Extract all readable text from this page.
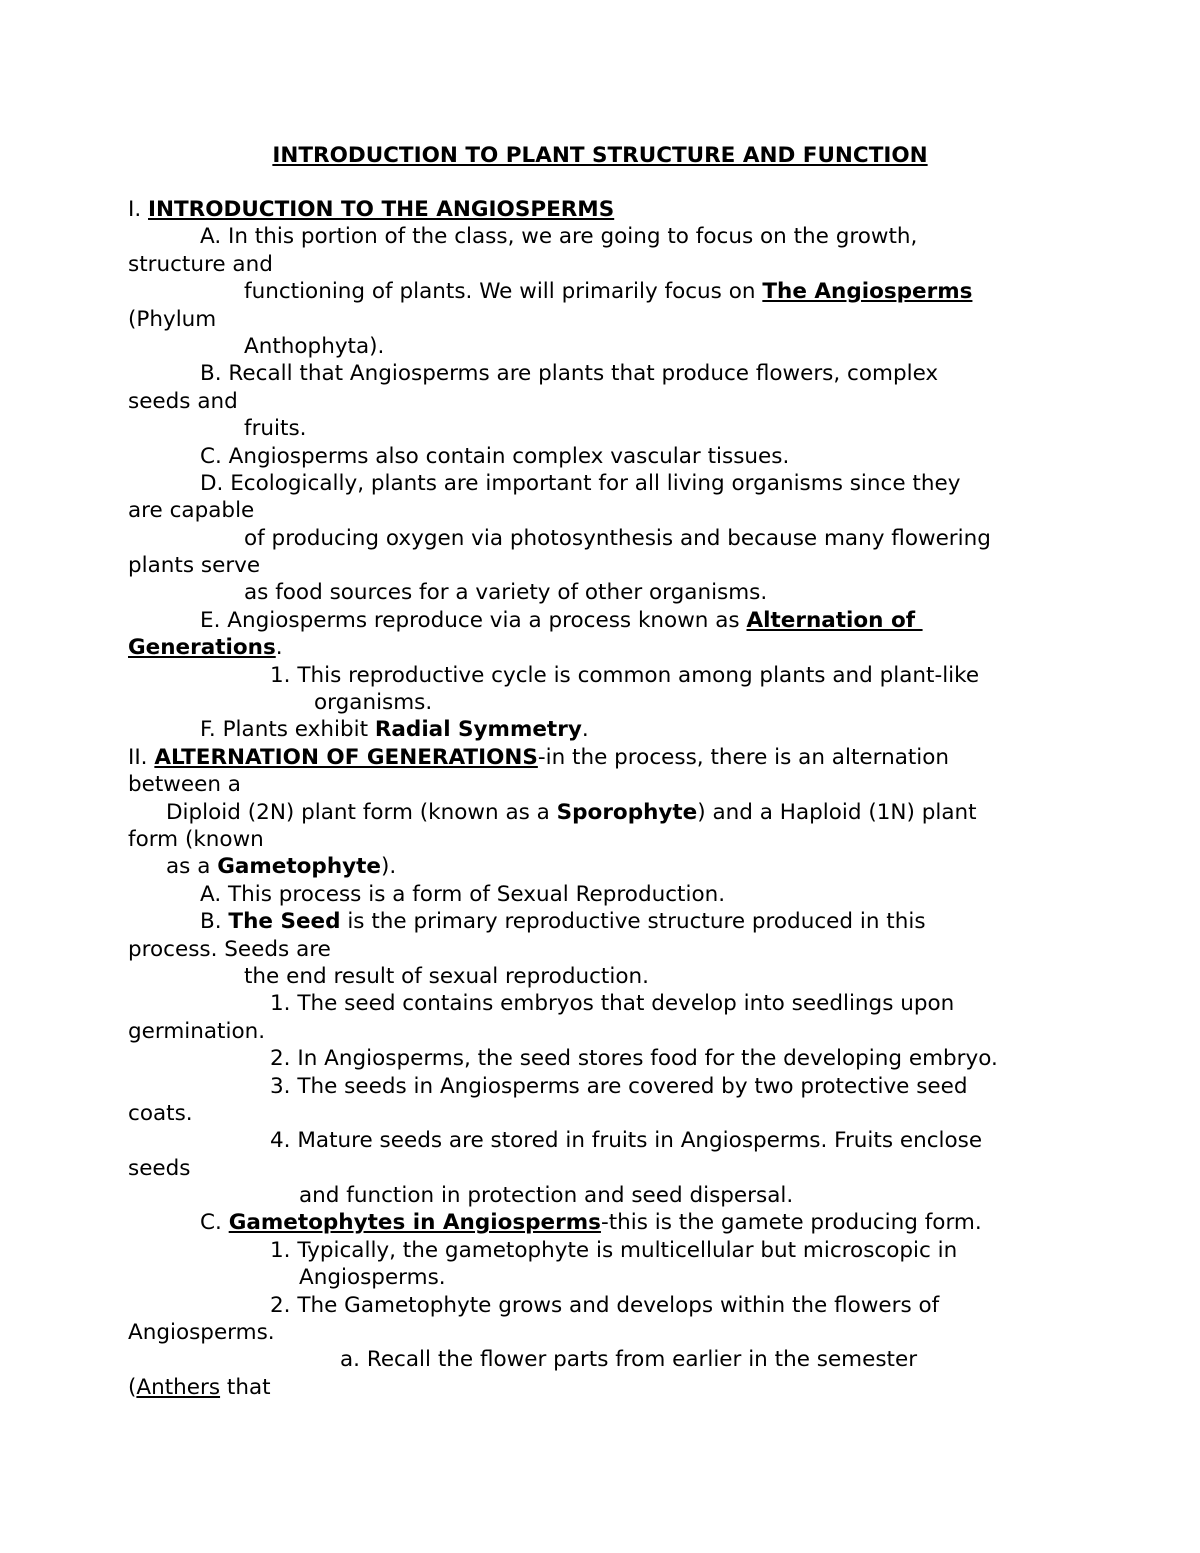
INTRODUCTION TO PLANT STRUCTURE AND FUNCTION
I. INTRODUCTION TO THE ANGIOSPERMS
A. In this portion of the class, we are going to focus on the growth,
structure and
functioning of plants. We will primarily focus on The Angiosperms
(Phylum
Anthophyta).
B. Recall that Angiosperms are plants that produce flowers, complex
seeds and
fruits.
C. Angiosperms also contain complex vascular tissues.
D. Ecologically, plants are important for all living organisms since they
are capable
of producing oxygen via photosynthesis and because many flowering
plants serve
as food sources for a variety of other organisms.
E. Angiosperms reproduce via a process known as Alternation of
Generations.
1. This reproductive cycle is common among plants and plant-like
organisms.
F. Plants exhibit Radial Symmetry.
II. ALTERNATION OF GENERATIONS-in the process, there is an alternation
between a
Diploid (2N) plant form (known as a Sporophyte) and a Haploid (1N) plant
form (known
as a Gametophyte).
A. This process is a form of Sexual Reproduction.
B. The Seed is the primary reproductive structure produced in this
process. Seeds are
the end result of sexual reproduction.
1. The seed contains embryos that develop into seedlings upon
germination.
2. In Angiosperms, the seed stores food for the developing embryo.
3. The seeds in Angiosperms are covered by two protective seed
coats.
4. Mature seeds are stored in fruits in Angiosperms. Fruits enclose
seeds
and function in protection and seed dispersal.
C. Gametophytes in Angiosperms-this is the gamete producing form.
1. Typically, the gametophyte is multicellular but microscopic in
Angiosperms.
2. The Gametophyte grows and develops within the flowers of
Angiosperms.
a. Recall the flower parts from earlier in the semester
(Anthers that
